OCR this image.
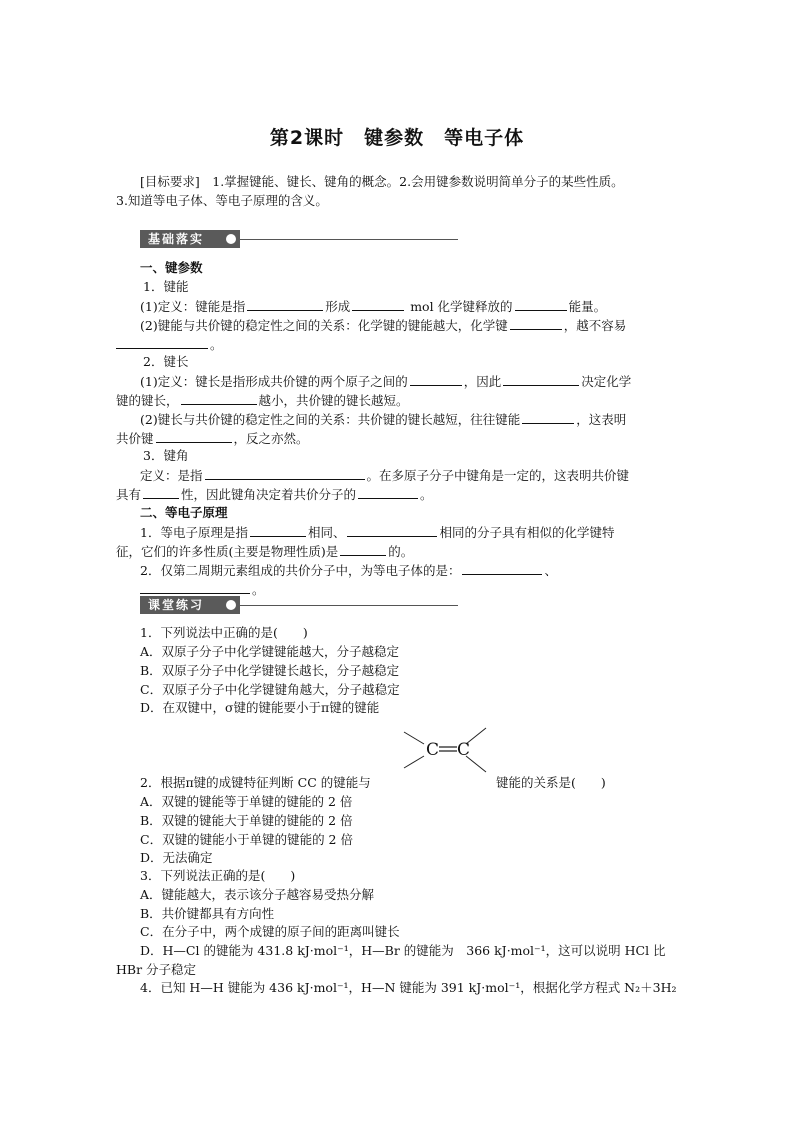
第2课时　键参数　等电子体
[目标要求]　1.掌握键能、键长、键角的概念。2.会用键参数说明简单分子的某些性质。
3.知道等电子体、等电子原理的含义。
基础落实
一、键参数
1．键能
(1)定义：键能是指	形成	mol 化学键释放的	能量。
(2)键能与共价键的稳定性之间的关系：化学键的键能越大，化学键	，越不容易
。
2．键长
(1)定义：键长是指形成共价键的两个原子之间的	，因此	决定化学
键的键长，	越小，共价键的键长越短。
(2)键长与共价键的稳定性之间的关系：共价键的键长越短，往往键能	，这表明
共价键	，反之亦然。
3．键角
定义：是指	。在多原子分子中键角是一定的，这表明共价键
具有	性，因此键角决定着共价分子的	。
二、等电子原理
1．等电子原理是指	相同、	相同的分子具有相似的化学键特
征，它们的许多性质(主要是物理性质)是	的。
2．仅第二周期元素组成的共价分子中，为等电子体的是：	、
。
课堂练习
1．下列说法中正确的是(　　)
A．双原子分子中化学键键能越大，分子越稳定
B．双原子分子中化学键键长越长，分子越稳定
C．双原子分子中化学键键角越大，分子越稳定
D．在双键中，σ键的键能要小于π键的键能
C C
2．根据π键的成键特征判断 CC 的键能与	键能的关系是(　　)
A．双键的键能等于单键的键能的 2 倍
B．双键的键能大于单键的键能的 2 倍
C．双键的键能小于单键的键能的 2 倍
D．无法确定
3．下列说法正确的是(　　)
A．键能越大，表示该分子越容易受热分解
B．共价键都具有方向性
C．在分子中，两个成键的原子间的距离叫键长
D．H—Cl 的键能为 431.8 kJ·mol⁻¹，H—Br 的键能为　366 kJ·mol⁻¹，这可以说明 HCl 比
HBr 分子稳定
4．已知 H—H 键能为 436 kJ·mol⁻¹，H—N 键能为 391 kJ·mol⁻¹，根据化学方程式 N₂＋3H₂
